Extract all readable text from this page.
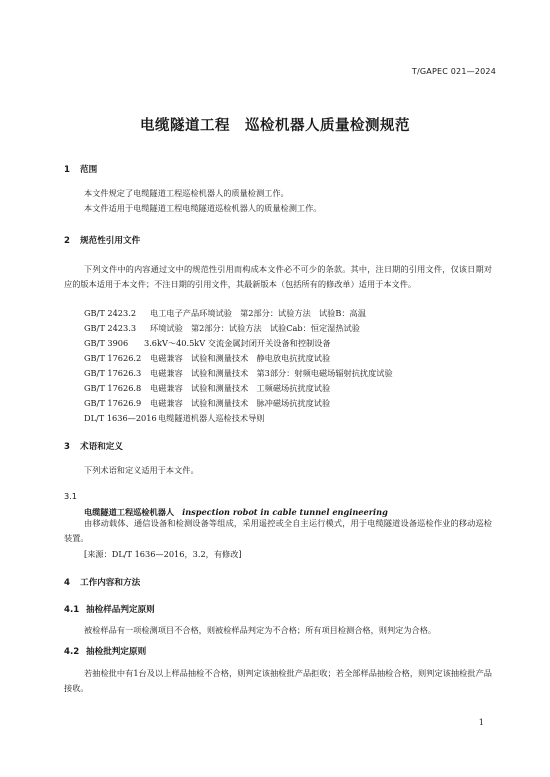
T/GAPEC 021—2024
电缆隧道工程　巡检机器人质量检测规范
1 范围
本文件规定了电缆隧道工程巡检机器人的质量检测工作。
本文件适用于电缆隧道工程电缆隧道巡检机器人的质量检测工作。
2 规范性引用文件
下列文件中的内容通过文中的规范性引用而构成本文件必不可少的条款。其中，注日期的引用文件，仅该日期对应的版本适用于本文件；不注日期的引用文件，其最新版本（包括所有的修改单）适用于本文件。
GB/T 2423.2 电工电子产品环境试验　第2部分：试验方法　试验B：高温
GB/T 2423.3 环境试验　第2部分：试验方法　试验Cab：恒定湿热试验
GB/T 3906 3.6kV～40.5kV 交流金属封闭开关设备和控制设备
GB/T 17626.2 电磁兼容　试验和测量技术　静电放电抗扰度试验
GB/T 17626.3 电磁兼容　试验和测量技术　第3部分：射频电磁场辐射抗扰度试验
GB/T 17626.8 电磁兼容　试验和测量技术　工频磁场抗扰度试验
GB/T 17626.9 电磁兼容　试验和测量技术　脉冲磁场抗扰度试验
DL/T 1636—2016电缆隧道机器人巡检技术导则
3 术语和定义
下列术语和定义适用于本文件。
3.1
电缆隧道工程巡检机器人 inspection robot in cable tunnel engineering
由移动载体、通信设备和检测设备等组成，采用遥控或全自主运行模式，用于电缆隧道设备巡检作业的移动巡检装置。
[来源：DL/T 1636—2016，3.2，有修改]
4 工作内容和方法
4.1 抽检样品判定原则
被检样品有一项检测项目不合格，则被检样品判定为不合格；所有项目检测合格，则判定为合格。
4.2 抽检批判定原则
若抽检批中有1台及以上样品抽检不合格，则判定该抽检批产品拒收；若全部样品抽检合格，则判定该抽检批产品接收。
1
